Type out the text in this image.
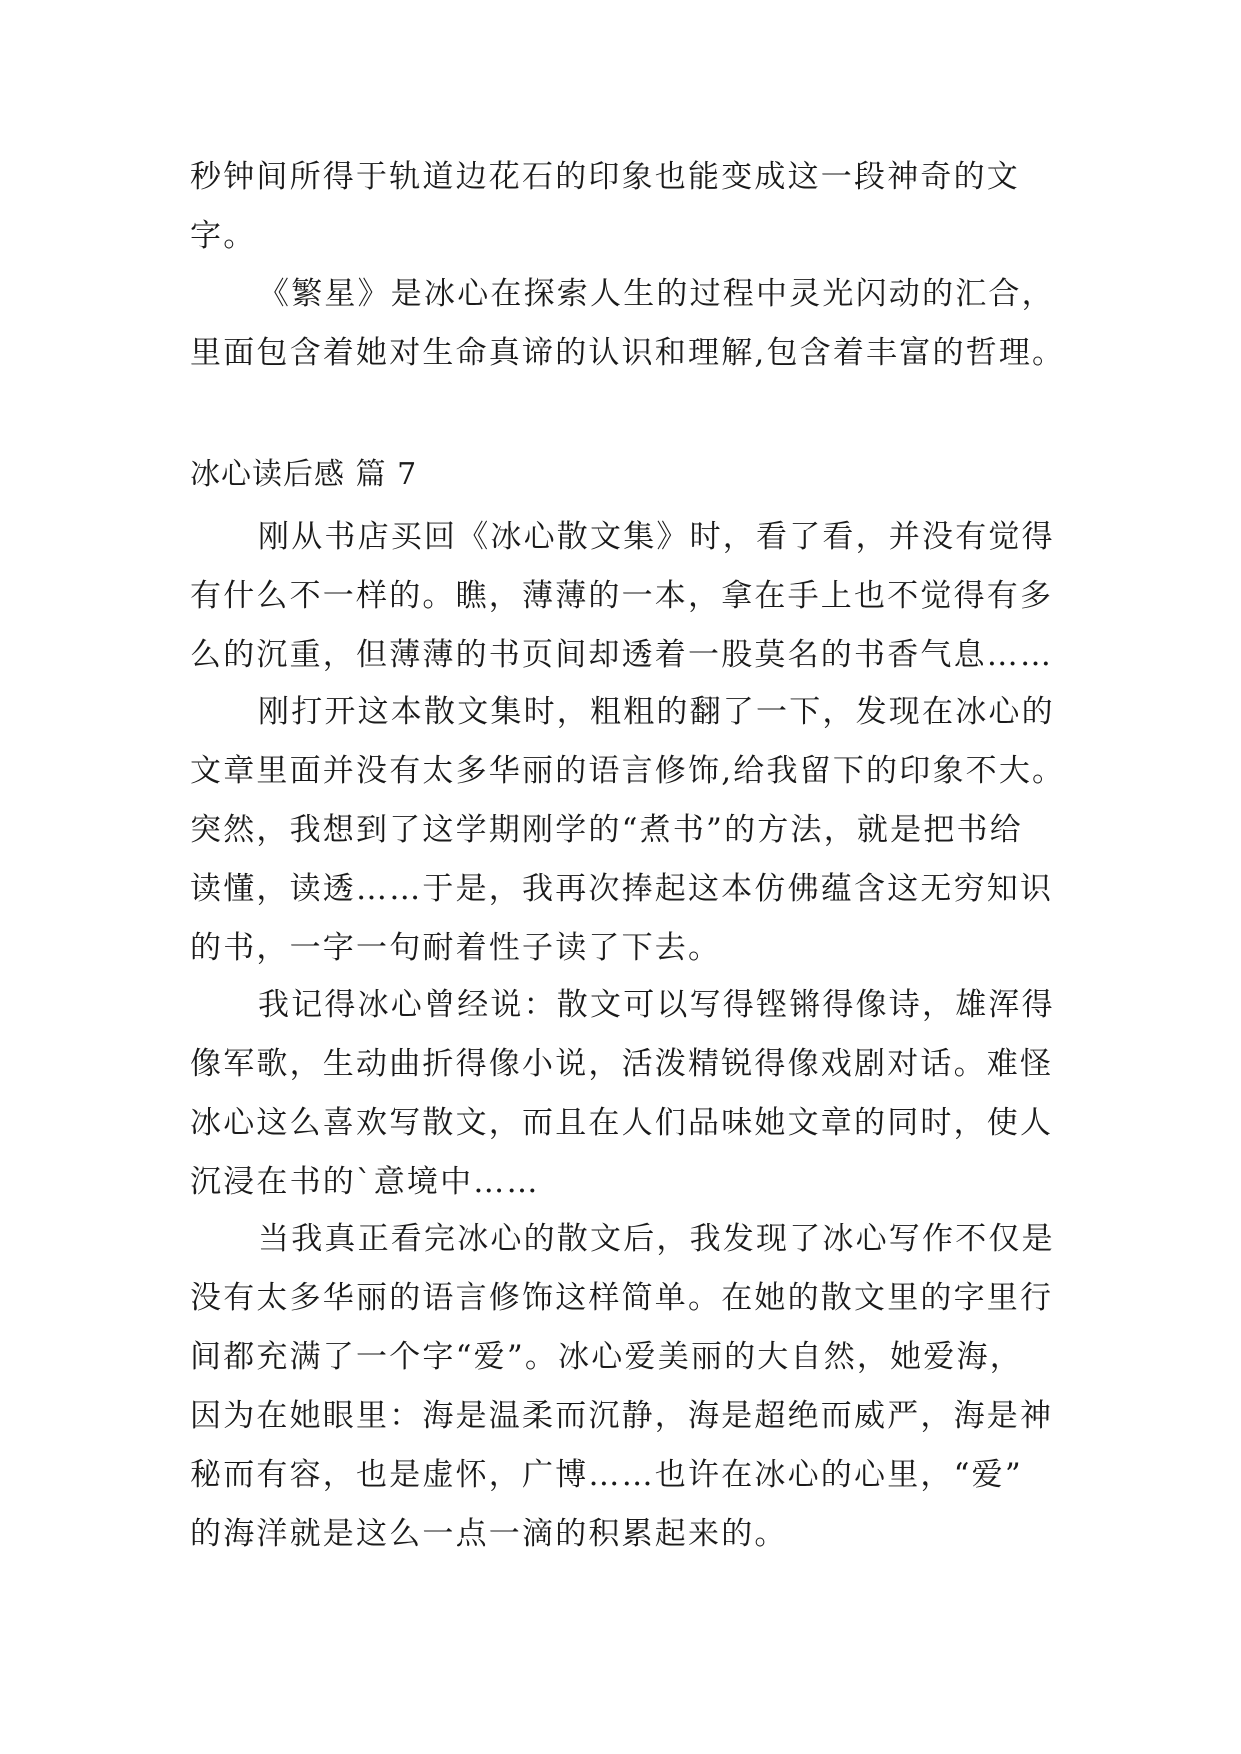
秒钟间所得于轨道边花石的印象也能变成这一段神奇的文
字。
《繁星》是冰心在探索人生的过程中灵光闪动的汇合，
里面包含着她对生命真谛的认识和理解,包含着丰富的哲理。
冰心读后感 篇 7
刚从书店买回《冰心散文集》时，看了看，并没有觉得
有什么不一样的。瞧，薄薄的一本，拿在手上也不觉得有多
么的沉重，但薄薄的书页间却透着一股莫名的书香气息……
刚打开这本散文集时，粗粗的翻了一下，发现在冰心的
文章里面并没有太多华丽的语言修饰,给我留下的印象不大。
突然，我想到了这学期刚学的“煮书”的方法，就是把书给
读懂，读透……于是，我再次捧起这本仿佛蕴含这无穷知识
的书，一字一句耐着性子读了下去。
我记得冰心曾经说：散文可以写得铿锵得像诗，雄浑得
像军歌，生动曲折得像小说，活泼精锐得像戏剧对话。难怪
冰心这么喜欢写散文，而且在人们品味她文章的同时，使人
沉浸在书的`意境中……
当我真正看完冰心的散文后，我发现了冰心写作不仅是
没有太多华丽的语言修饰这样简单。在她的散文里的字里行
间都充满了一个字“爱”。冰心爱美丽的大自然，她爱海，
因为在她眼里：海是温柔而沉静，海是超绝而威严，海是神
秘而有容，也是虚怀，广博……也许在冰心的心里，“爱”
的海洋就是这么一点一滴的积累起来的。
